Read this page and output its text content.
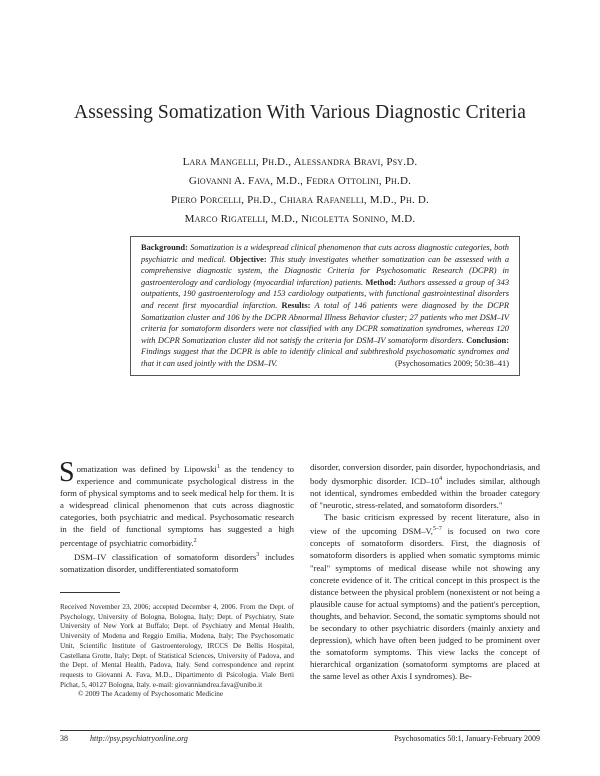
Assessing Somatization With Various Diagnostic Criteria
Lara Mangelli, Ph.D., Alessandra Bravi, Psy.D.
Giovanni A. Fava, M.D., Fedra Ottolini, Ph.D.
Piero Porcelli, Ph.D., Chiara Rafanelli, M.D., Ph. D.
Marco Rigatelli, M.D., Nicoletta Sonino, M.D.

Background: Somatization is a widespread clinical phenomenon that cuts across diagnostic categories, both psychiatric and medical. Objective: This study investigates whether somatization can be assessed with a comprehensive diagnostic system, the Diagnostic Criteria for Psychosomatic Research (DCPR) in gastroenterology and cardiology (myocardial infarction) patients. Method: Authors assessed a group of 343 outpatients, 190 gastroenterology and 153 cardiology outpatients, with functional gastrointestinal disorders and recent first myocardial infarction. Results: A total of 146 patients were diagnosed by the DCPR Somatization cluster and 106 by the DCPR Abnormal Illness Behavior cluster; 27 patients who met DSM–IV criteria for somatoform disorders were not classified with any DCPR somatization syndromes, whereas 120 with DCPR Somatization cluster did not satisfy the criteria for DSM–IV somatoform disorders. Conclusion: Findings suggest that the DCPR is able to identify clinical and subthreshold psychosomatic syndromes and that it can used jointly with the DSM–IV.	(Psychosomatics 2009; 50:38–41)

Somatization was defined by Lipowski$^1$ as the tendency to experience and communicate psychological distress in the form of physical symptoms and to seek medical help for them. It is a widespread clinical phenomenon that cuts across diagnostic categories, both psychiatric and medical. Psychosomatic research in the field of functional symptoms has suggested a high percentage of psychiatric comorbidity.$^2$

DSM–IV classification of somatoform disorders$^3$ includes somatization disorder, undifferentiated somatoform

Received November 23, 2006; accepted December 4, 2006. From the Dept. of Psychology, University of Bologna, Bologna, Italy; Dept. of Psychiatry, State University of New York at Buffalo; Dept. of Psychiatry and Mental Health, University of Modena and Reggio Emilia, Modena, Italy; The Psychosomatic Unit, Scientific Institute of Gastroenterology, IRCCS De Bellis Hospital, Castellana Grotte, Italy; Dept. of Statistical Sciences, University of Padova, and the Dept. of Mental Health, Padova, Italy. Send correspondence and reprint requests to Giovanni A. Fava, M.D., Dipartimento di Psicologia. Viale Berti Pichat, 5, 40127 Bologna, Italy. e-mail: giovanniandrea.fava@unibo.it
© 2009 The Academy of Psychosomatic Medicine

disorder, conversion disorder, pain disorder, hypochondriasis, and body dysmorphic disorder. ICD–$10^4$ includes similar, although not identical, syndromes embedded within the broader category of "neurotic, stress-related, and somatoform disorders."

The basic criticism expressed by recent literature, also in view of the upcoming DSM–V,$^{5-7}$ is focused on two core concepts of somatoform disorders. First, the diagnosis of somatoform disorders is applied when somatic symptoms mimic "real" symptoms of medical disease while not showing any concrete evidence of it. The critical concept in this prospect is the distance between the physical problem (nonexistent or not being a plausible cause for actual symptoms) and the patient's perception, thoughts, and behavior. Second, the somatic symptoms should not be secondary to other psychiatric disorders (mainly anxiety and depression), which have often been judged to be prominent over the somatoform symptoms. This view lacks the concept of hierarchical organization (somatoform symptoms are placed at the same level as other Axis I syndromes). Be-

38	http://psy.psychiatryonline.org	Psychosomatics 50:1, January-February 2009
